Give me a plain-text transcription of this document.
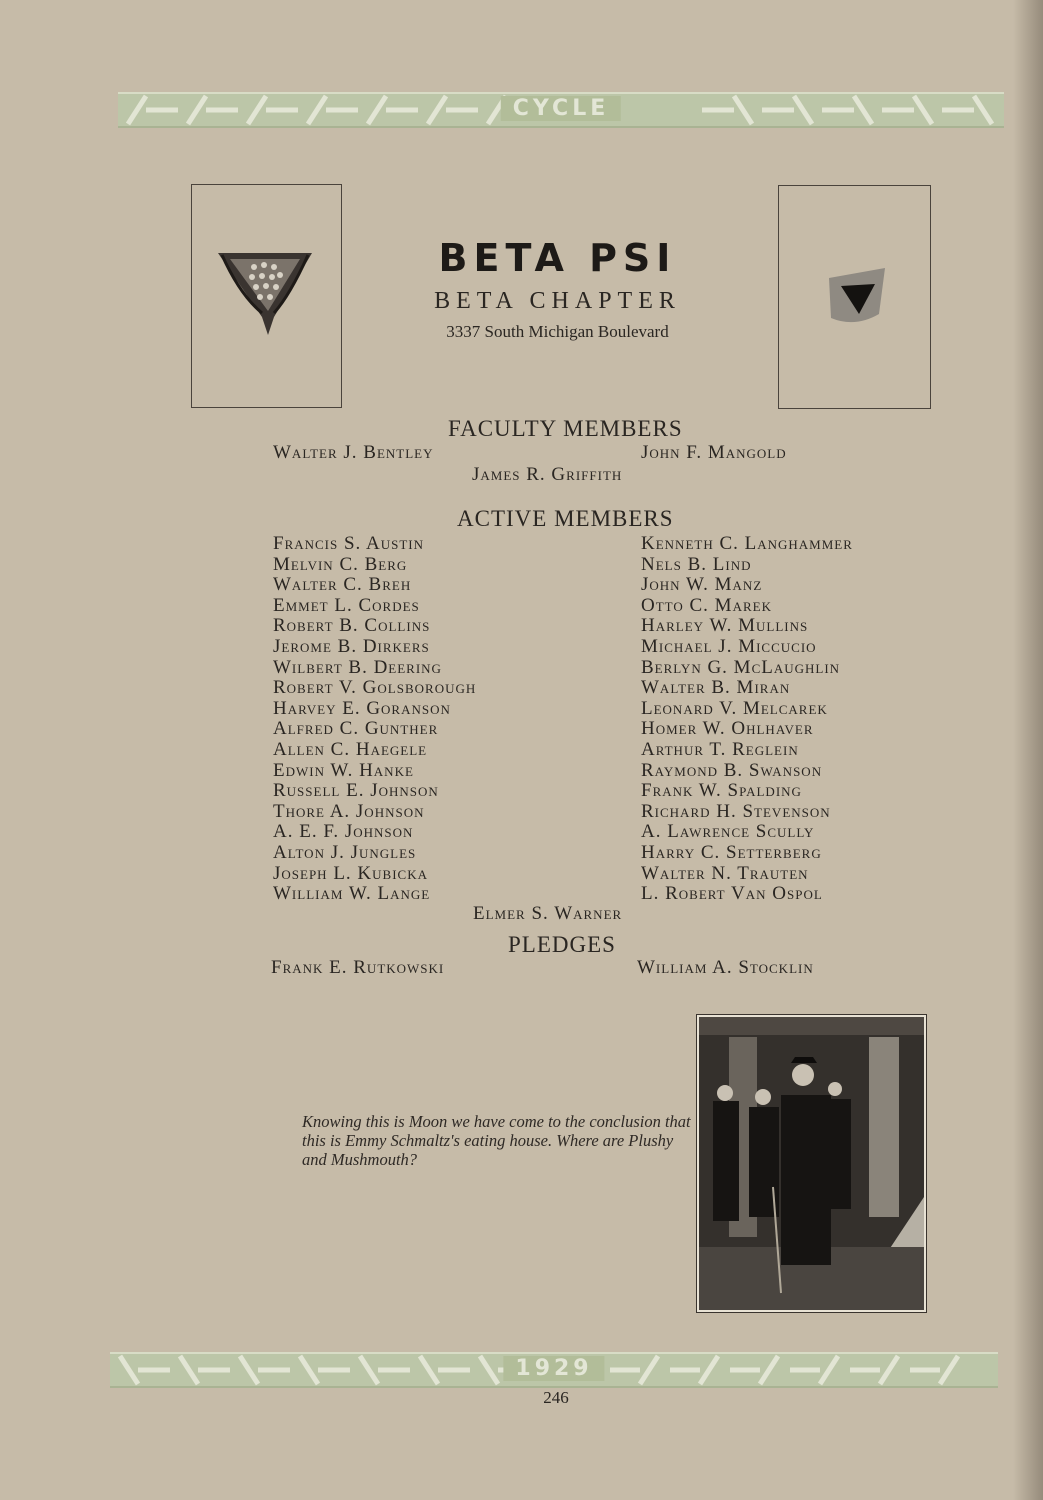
CYCLE
BETA PSI
BETA CHAPTER
3337 South Michigan Boulevard
FACULTY MEMBERS
Walter J. Bentley	John F. Mangold
James R. Griffith
ACTIVE MEMBERS
Francis S. Austin
Melvin C. Berg
Walter C. Breh
Emmet L. Cordes
Robert B. Collins
Jerome B. Dirkers
Wilbert B. Deering
Robert V. Golsborough
Harvey E. Goranson
Alfred C. Gunther
Allen C. Haegele
Edwin W. Hanke
Russell E. Johnson
Thore A. Johnson
A. E. F. Johnson
Alton J. Jungles
Joseph L. Kubicka
William W. Lange
Kenneth C. Langhammer
Nels B. Lind
John W. Manz
Otto C. Marek
Harley W. Mullins
Michael J. Miccucio
Berlyn G. McLaughlin
Walter B. Miran
Leonard V. Melcarek
Homer W. Ohlhaver
Arthur T. Reglein
Raymond B. Swanson
Frank W. Spalding
Richard H. Stevenson
A. Lawrence Scully
Harry C. Setterberg
Walter N. Trauten
L. Robert Van Ospol
Elmer S. Warner
PLEDGES
Frank E. Rutkowski	William A. Stocklin
Knowing this is Moon we have come to the conclusion that this is Emmy Schmaltz's eating house. Where are Plushy and Mushmouth?
1929
246
